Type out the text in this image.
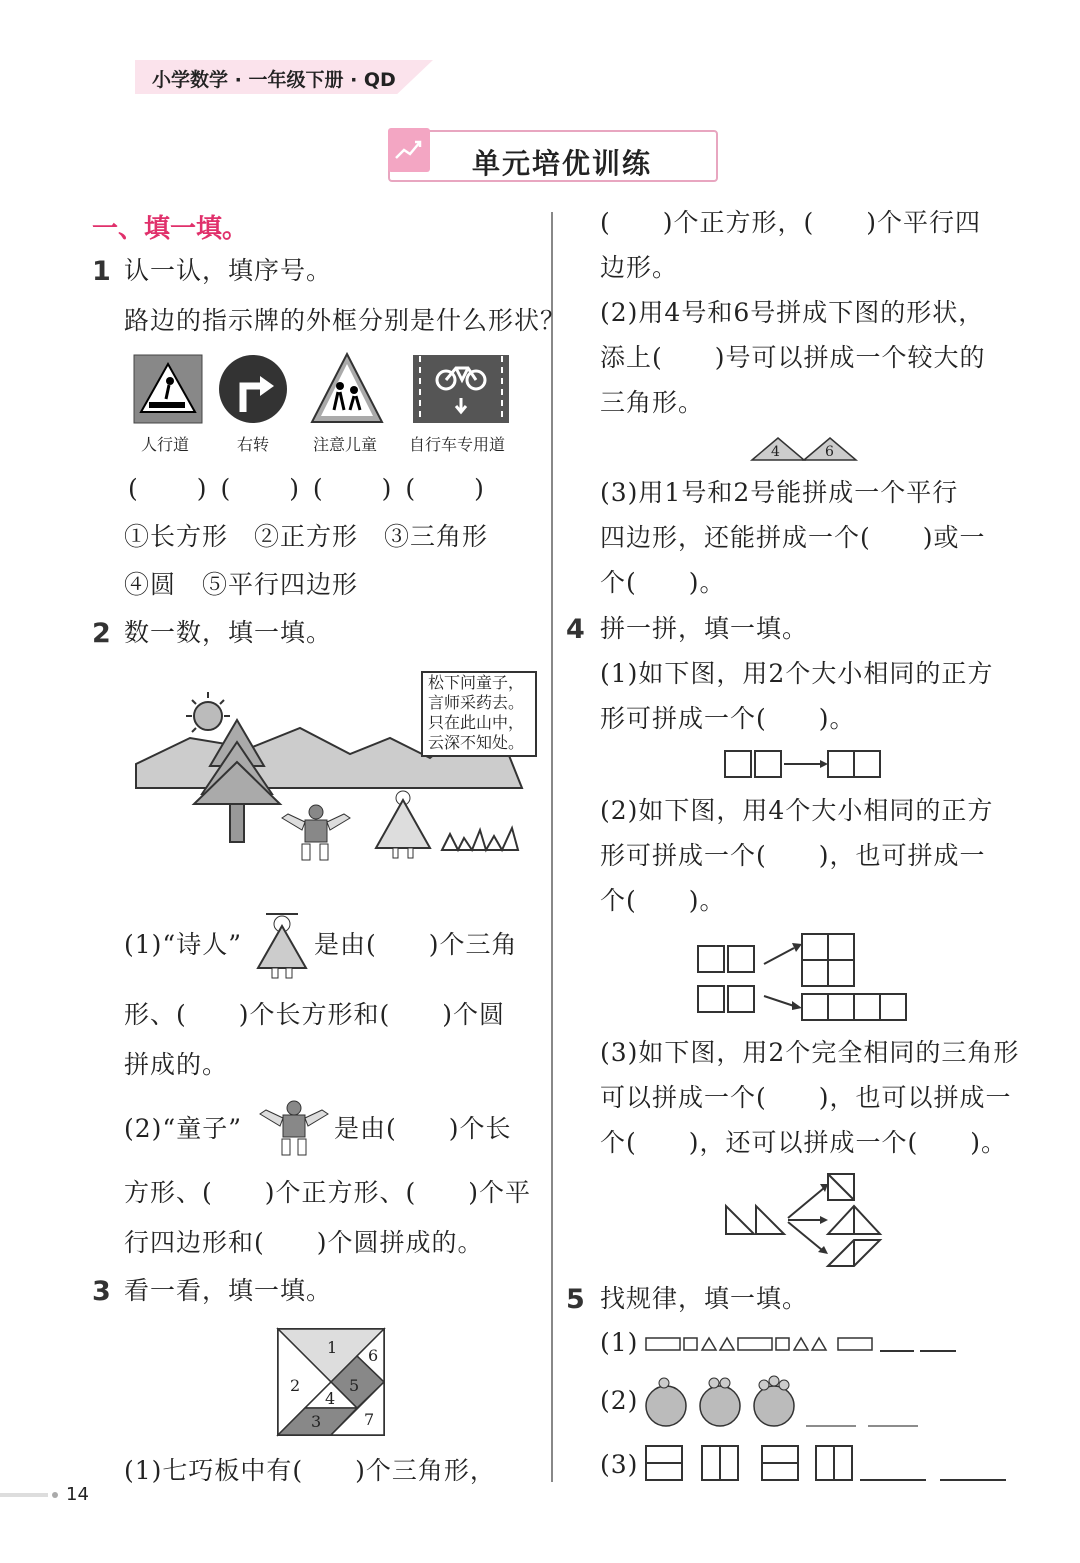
小学数学 · 一年级下册 · QD
单元培优训练
一、填一填。
1 认一认，填序号。
路边的指示牌的外框分别是什么形状？
人行道	右转	注意儿童 自行车专用道
(　　) (　　) (　　) (　　)
①长方形　②正方形　③三角形
④圆　⑤平行四边形
2 数一数，填一填。
松下问童子，
言师采药去。
只在此山中，
云深不知处。
(1)“诗人”	是由(　　)个三角
形、(　　)个长方形和(　　)个圆
拼成的。
(2)“童子”	是由(　　)个长
方形、(　　)个正方形、(　　)个平
行四边形和(　　)个圆拼成的。
3 看一看，填一填。
1
2
3
4
5
6
7
(1)七巧板中有(　　)个三角形，
(　　)个正方形，(　　)个平行四
边形。
(2)用4号和6号拼成下图的形状，
添上(　　)号可以拼成一个较大的
三角形。
4	6
(3)用1号和2号能拼成一个平行
四边形，还能拼成一个(　　)或一
个(　　)。
4 拼一拼，填一填。
(1)如下图，用2个大小相同的正方
形可拼成一个(　　)。
(2)如下图，用4个大小相同的正方
形可拼成一个(　　)，也可拼成一
个(　　)。
(3)如下图，用2个完全相同的三角形
可以拼成一个(　　)，也可以拼成一
个(　　)，还可以拼成一个(　　)。
5 找规律，填一填。
(1)
(2)
(3)
14
